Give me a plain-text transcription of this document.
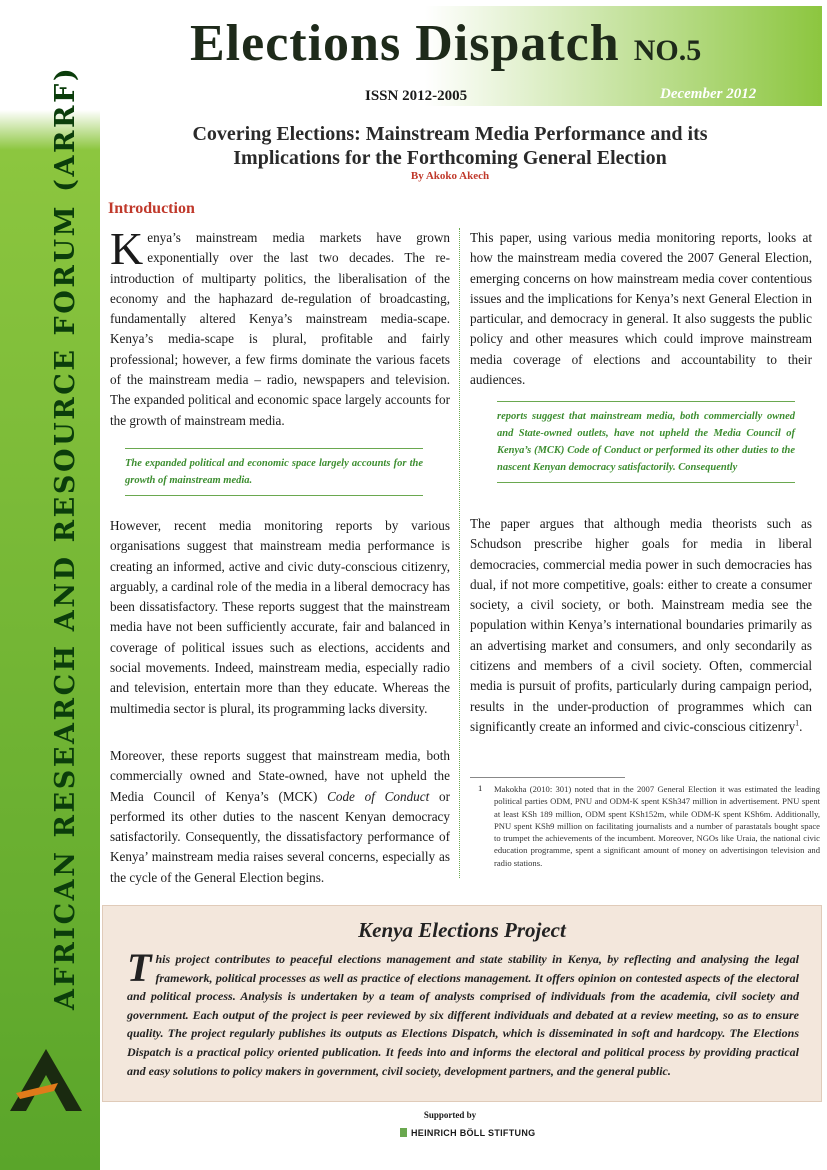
AFRICAN RESEARCH AND RESOURCE FORUM (ARRF)
Elections Dispatch NO.5
ISSN 2012-2005	December 2012
Covering Elections: Mainstream Media Performance and its
Implications for the Forthcoming General Election
By Akoko Akech
Introduction

Kenya’s mainstream media markets have grown exponentially over the last two decades. The re-introduction of multiparty politics, the liberalisation of the economy and the haphazard de-regulation of broadcasting, fundamentally altered Kenya’s mainstream media-scape. Kenya’s media-scape is plural, profitable and fairly professional; however, a few firms dominate the various facets of the mainstream media – radio, newspapers and television. The expanded political and economic space largely accounts for the growth of mainstream media.

The expanded political and economic space largely accounts for the growth of mainstream media.

However, recent media monitoring reports by various organisations suggest that mainstream media performance is creating an informed, active and civic duty-conscious citizenry, arguably, a cardinal role of the media in a liberal democracy has been dissatisfactory. These reports suggest that the mainstream media have not been sufficiently accurate, fair and balanced in coverage of political issues such as elections, accidents and social movements. Indeed, mainstream media, especially radio and television, entertain more than they educate. Whereas the multimedia sector is plural, its programming lacks diversity.

Moreover, these reports suggest that mainstream media, both commercially owned and State-owned, have not upheld the Media Council of Kenya’s (MCK) Code of Conduct or performed its other duties to the nascent Kenyan democracy satisfactorily. Consequently, the dissatisfactory performance of Kenya’ mainstream media raises several concerns, especially as the cycle of the General Election begins.

This paper, using various media monitoring reports, looks at how the mainstream media covered the 2007 General Election, emerging concerns on how mainstream media cover contentious issues and the implications for Kenya’s next General Election in particular, and democracy in general. It also suggests the public policy and other measures which could improve mainstream media coverage of elections and accountability to their audiences.

reports suggest that mainstream media, both commercially owned and State-owned outlets, have not upheld the Media Council of Kenya’s (MCK) Code of Conduct or performed its other duties to the nascent Kenyan democracy satisfactorily. Consequently

The paper argues that although media theorists such as Schudson prescribe higher goals for media in liberal democracies, commercial media power in such democracies has dual, if not more competitive, goals: either to create a consumer society, a civil society, or both. Mainstream media see the population within Kenya’s international boundaries primarily as an advertising market and consumers, and only secondarily as citizens and members of a civil society. Often, commercial media is pursuit of profits, particularly during campaign period, results in the under-production of programmes which can significantly create an informed and civic-conscious citizenry$^1$.

1 Makokha (2010: 301) noted that in the 2007 General Election it was estimated the leading political parties ODM, PNU and ODM-K spent KSh347 million in advertisement. PNU spent at least KSh 189 million, ODM spent KSh152m, while ODM-K spent KSh6m. Additionally, PNU spent KSh9 million on facilitating journalists and a number of parastatals bought space to trumpet the achievements of the incumbent. Moreover, NGOs like Uraia, the national civic education programme, spent a significant amount of money on advertisingon television and radio stations.
Kenya Elections Project
This project contributes to peaceful elections management and state stability in Kenya, by reflecting and analysing the legal framework, political processes as well as practice of elections management. It offers opinion on contested aspects of the electoral and political process. Analysis is undertaken by a team of analysts comprised of individuals from the academia, civil society and government. Each output of the project is peer reviewed by six different individuals and debated at a review meeting, so as to ensure quality. The project regularly publishes its outputs as Elections Dispatch, which is disseminated in soft and hardcopy. The Elections Dispatch is a practical policy oriented publication. It feeds into and informs the electoral and political process by providing practical and easy solutions to policy makers in government, civil society, development partners, and the general public.
Supported by
HEINRICH BÖLL STIFTUNG
